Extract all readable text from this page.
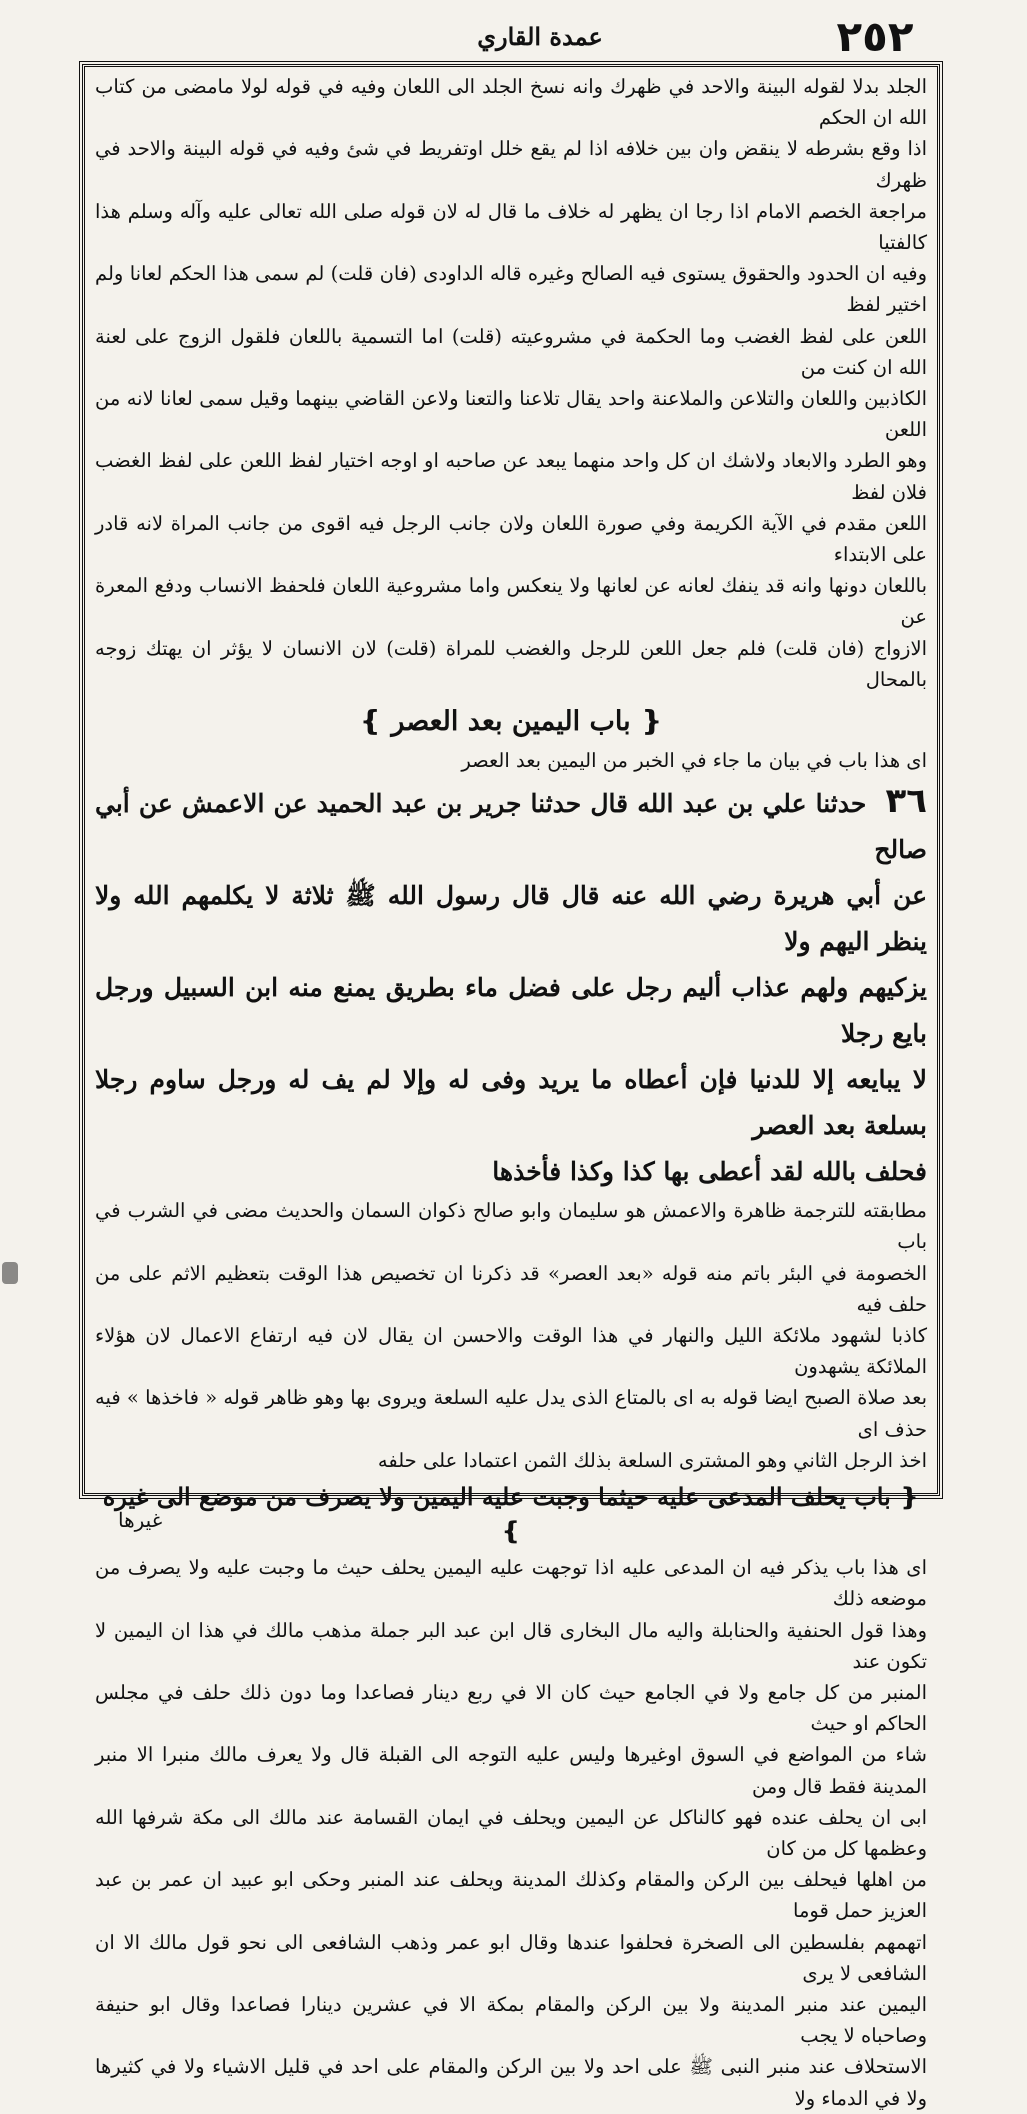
٢٥٢
عمدة القاري

الجلد بدلا لقوله البينة والاحد في ظهرك وانه نسخ الجلد الى اللعان وفيه في قوله لولا مامضى من كتاب الله ان الحكم

اذا وقع بشرطه لا ينقض وان بين خلافه اذا لم يقع خلل اوتفريط في شئ وفيه في قوله البينة والاحد في ظهرك

مراجعة الخصم الامام اذا رجا ان يظهر له خلاف ما قال له لان قوله صلى الله تعالى عليه وآله وسلم هذا كالفتيا

وفيه ان الحدود والحقوق يستوى فيه الصالح وغيره قاله الداودى (فان قلت) لم سمى هذا الحكم لعانا ولم اختير لفظ

اللعن على لفظ الغضب وما الحكمة في مشروعيته (قلت) اما التسمية باللعان فلقول الزوج على لعنة الله ان كنت من

الكاذبين واللعان والتلاعن والملاعنة واحد يقال تلاعنا والتعنا ولاعن القاضي بينهما وقيل سمى لعانا لانه من اللعن

وهو الطرد والابعاد ولاشك ان كل واحد منهما يبعد عن صاحبه او اوجه اختيار لفظ اللعن على لفظ الغضب فلان لفظ

اللعن مقدم في الآية الكريمة وفي صورة اللعان ولان جانب الرجل فيه اقوى من جانب المراة لانه قادر على الابتداء

باللعان دونها وانه قد ينفك لعانه عن لعانها ولا ينعكس واما مشروعية اللعان فلحفظ الانساب ودفع المعرة عن

الازواج (فان قلت) فلم جعل اللعن للرجل والغضب للمراة (قلت) لان الانسان لا يؤثر ان يهتك زوجه بالمحال

❴ باب اليمين بعد العصر ❵

اى هذا باب في بيان ما جاء في الخبر من اليمين بعد العصر

٣٦ حدثنا علي بن عبد الله قال حدثنا جرير بن عبد الحميد عن الاعمش عن أبي صالح

عن أبي هريرة رضي الله عنه قال قال رسول الله ﷺ ثلاثة لا يكلمهم الله ولا ينظر اليهم ولا

يزكيهم ولهم عذاب أليم رجل على فضل ماء بطريق يمنع منه ابن السبيل ورجل بايع رجلا

لا يبايعه إلا للدنيا فإن أعطاه ما يريد وفى له وإلا لم يف له ورجل ساوم رجلا بسلعة بعد العصر

فحلف بالله لقد أعطى بها كذا وكذا فأخذها

مطابقته للترجمة ظاهرة والاعمش هو سليمان وابو صالح ذكوان السمان والحديث مضى في الشرب في باب

الخصومة في البئر باتم منه قوله «بعد العصر» قد ذكرنا ان تخصيص هذا الوقت بتعظيم الاثم على من حلف فيه

كاذبا لشهود ملائكة الليل والنهار في هذا الوقت والاحسن ان يقال لان فيه ارتفاع الاعمال لان هؤلاء الملائكة يشهدون

بعد صلاة الصبح ايضا قوله به اى بالمتاع الذى يدل عليه السلعة ويروى بها وهو ظاهر قوله « فاخذها » فيه حذف اى

اخذ الرجل الثاني وهو المشترى السلعة بذلك الثمن اعتمادا على حلفه

❴ باب يحلف المدعى عليه حيثما وجبت عليه اليمين ولا يصرف من موضع الى غيره ❵

اى هذا باب يذكر فيه ان المدعى عليه اذا توجهت عليه اليمين يحلف حيث ما وجبت عليه ولا يصرف من موضعه ذلك

وهذا قول الحنفية والحنابلة واليه مال البخارى قال ابن عبد البر جملة مذهب مالك في هذا ان اليمين لا تكون عند

المنبر من كل جامع ولا في الجامع حيث كان الا في ربع دينار فصاعدا وما دون ذلك حلف في مجلس الحاكم او حيث

شاء من المواضع في السوق اوغيرها وليس عليه التوجه الى القبلة قال ولا يعرف مالك منبرا الا منبر المدينة فقط قال ومن

ابى ان يحلف عنده فهو كالناكل عن اليمين ويحلف في ايمان القسامة عند مالك الى مكة شرفها الله وعظمها كل من كان

من اهلها فيحلف بين الركن والمقام وكذلك المدينة ويحلف عند المنبر وحكى ابو عبيد ان عمر بن عبد العزيز حمل قوما

اتهمهم بفلسطين الى الصخرة فحلفوا عندها وقال ابو عمر وذهب الشافعى الى نحو قول مالك الا ان الشافعى لا يرى

اليمين عند منبر المدينة ولا بين الركن والمقام بمكة الا في عشرين دينارا فصاعدا وقال ابو حنيفة وصاحباه لا يجب

الاستحلاف عند منبر النبى ﷺ على احد ولا بين الركن والمقام على احد في قليل الاشياء ولا في كثيرها ولا في الدماء ولا

غيرها
